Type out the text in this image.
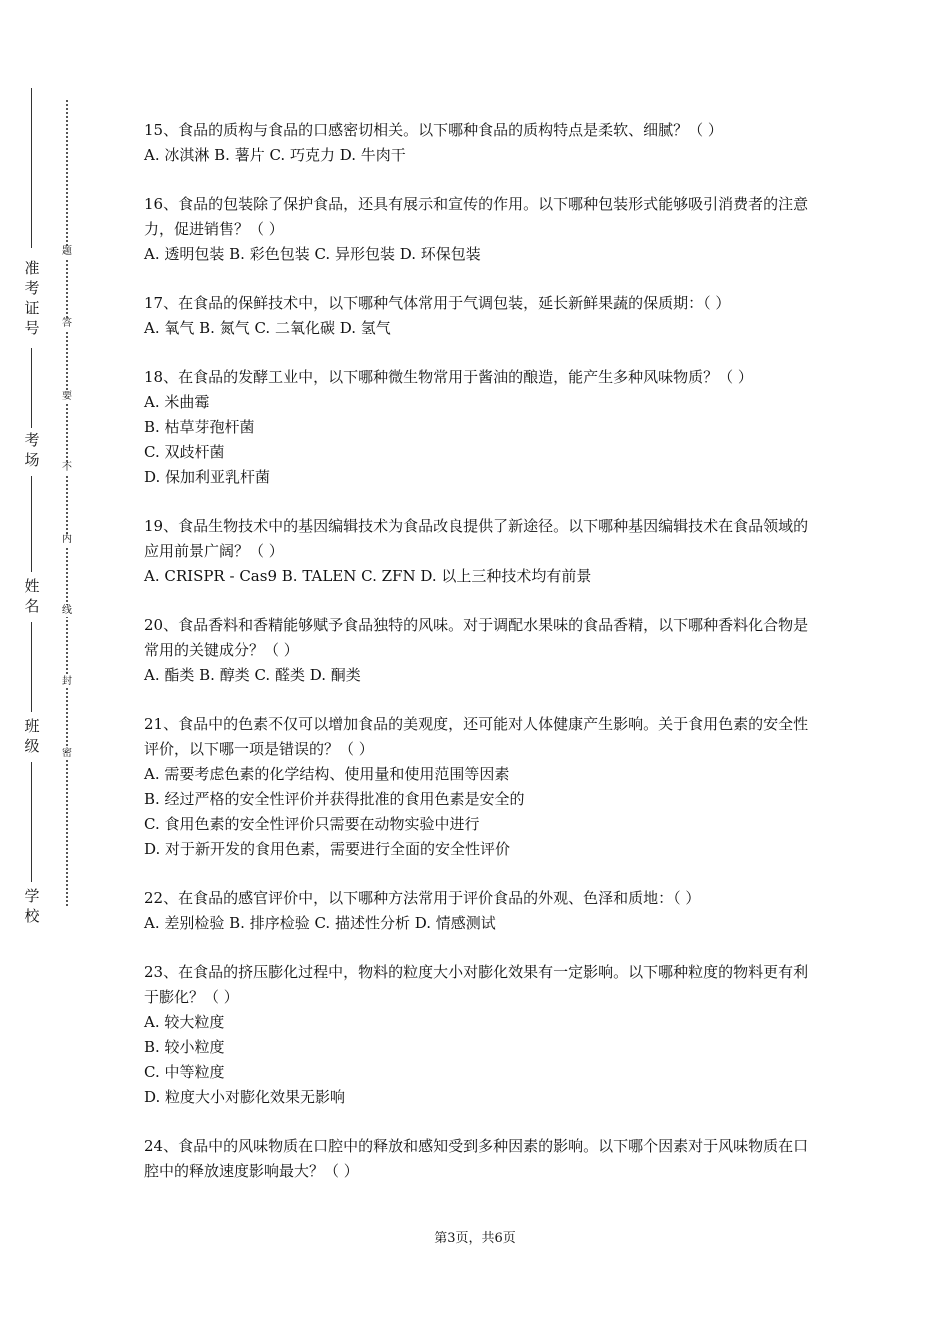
准考证号
考场
姓名
班级
学校
题
答
要
不
内
线
封
密

15、食品的质构与食品的口感密切相关。以下哪种食品的质构特点是柔软、细腻？（ ）

A. 冰淇淋 B. 薯片 C. 巧克力 D. 牛肉干

16、食品的包装除了保护食品，还具有展示和宣传的作用。以下哪种包装形式能够吸引消费者的注意力，促进销售？（ ）

A. 透明包装 B. 彩色包装 C. 异形包装 D. 环保包装

17、在食品的保鲜技术中，以下哪种气体常用于气调包装，延长新鲜果蔬的保质期：（ ）

A. 氧气 B. 氮气 C. 二氧化碳 D. 氢气

18、在食品的发酵工业中，以下哪种微生物常用于酱油的酿造，能产生多种风味物质？（ ）

A. 米曲霉

B. 枯草芽孢杆菌

C. 双歧杆菌

D. 保加利亚乳杆菌

19、食品生物技术中的基因编辑技术为食品改良提供了新途径。以下哪种基因编辑技术在食品领域的应用前景广阔？（ ）

A. CRISPR - Cas9 B. TALEN C. ZFN D. 以上三种技术均有前景

20、食品香料和香精能够赋予食品独特的风味。对于调配水果味的食品香精，以下哪种香料化合物是常用的关键成分？（ ）

A. 酯类 B. 醇类 C. 醛类 D. 酮类

21、食品中的色素不仅可以增加食品的美观度，还可能对人体健康产生影响。关于食用色素的安全性评价，以下哪一项是错误的？（ ）

A. 需要考虑色素的化学结构、使用量和使用范围等因素

B. 经过严格的安全性评价并获得批准的食用色素是安全的

C. 食用色素的安全性评价只需要在动物实验中进行

D. 对于新开发的食用色素，需要进行全面的安全性评价

22、在食品的感官评价中，以下哪种方法常用于评价食品的外观、色泽和质地：（ ）

A. 差别检验 B. 排序检验 C. 描述性分析 D. 情感测试

23、在食品的挤压膨化过程中，物料的粒度大小对膨化效果有一定影响。以下哪种粒度的物料更有利于膨化？（ ）

A. 较大粒度

B. 较小粒度

C. 中等粒度

D. 粒度大小对膨化效果无影响

24、食品中的风味物质在口腔中的释放和感知受到多种因素的影响。以下哪个因素对于风味物质在口腔中的释放速度影响最大？（ ）

第3页，共6页
